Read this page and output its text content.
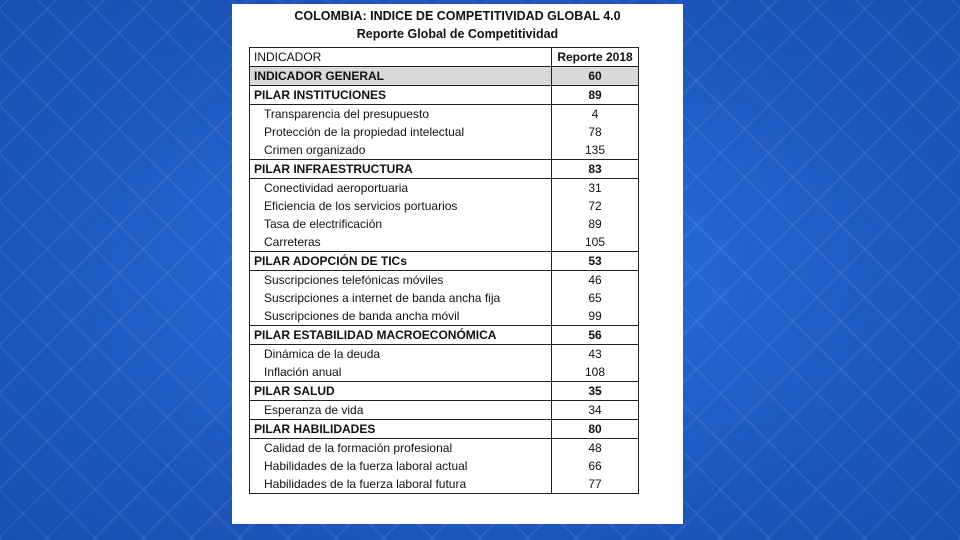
COLOMBIA: INDICE DE COMPETITIVIDAD GLOBAL 4.0
Reporte Global de Competitividad
INDICADOR	Reporte 2018
INDICADOR GENERAL	60
PILAR INSTITUCIONES	89
Transparencia del presupuesto	4
Protección de la propiedad intelectual	78
Crimen organizado	135
PILAR INFRAESTRUCTURA	83
Conectividad aeroportuaria	31
Eficiencia de los servicios portuarios	72
Tasa de electrificación	89
Carreteras	105
PILAR ADOPCIÓN DE TICs	53
Suscripciones telefónicas móviles	46
Suscripciones a internet de banda ancha fija	65
Suscripciones de banda ancha móvil	99
PILAR ESTABILIDAD MACROECONÓMICA	56
Dinámica de la deuda	43
Inflación anual	108
PILAR SALUD	35
Esperanza de vida	34
PILAR HABILIDADES	80
Calidad de la formación profesional	48
Habilidades de la fuerza laboral actual	66
Habilidades de la fuerza laboral futura	77
